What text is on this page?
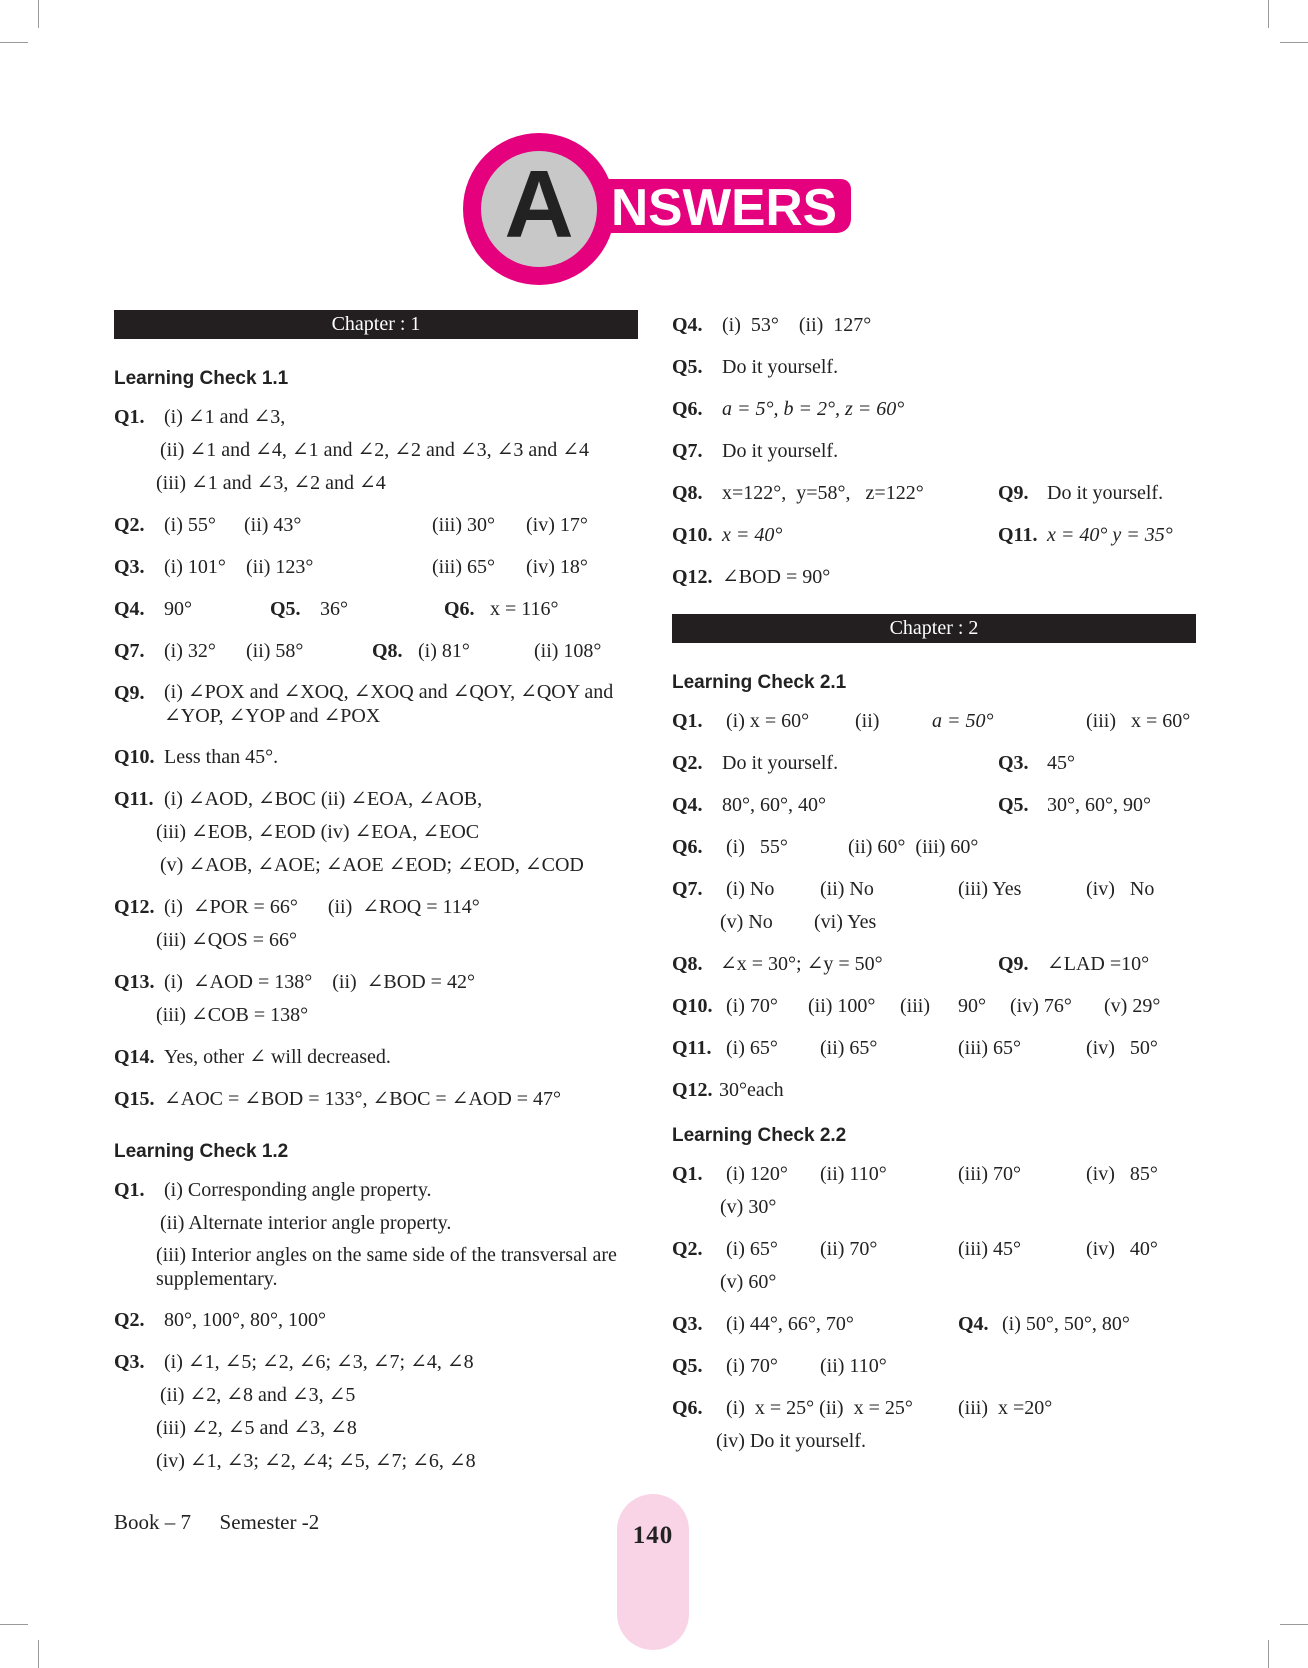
A NSWERS
Chapter : 1
Learning Check 1.1
Q1. (i) ∠1 and ∠3,
(ii) ∠1 and ∠4, ∠1 and ∠2, ∠2 and ∠3, ∠3 and ∠4
(iii) ∠1 and ∠3, ∠2 and ∠4
Q2. (i) 55° (ii) 43°	(iii) 30° (iv) 17°
Q3. (i) 101° (ii) 123°	(iii) 65° (iv) 18°
Q4. 90°	Q5. 36°	Q6. x = 116°
Q7. (i) 32° (ii) 58°	Q8. (i) 81°	(ii) 108°
Q9. (i) ∠POX and ∠XOQ, ∠XOQ and ∠QOY, ∠QOY and ∠YOP, ∠YOP and ∠POX
Q10. Less than 45°.
Q11. (i) ∠AOD, ∠BOC (ii) ∠EOA, ∠AOB,
(iii) ∠EOB, ∠EOD (iv) ∠EOA, ∠EOC
(v) ∠AOB, ∠AOE; ∠AOE ∠EOD; ∠EOD, ∠COD
Q12. (i)  ∠POR = 66°      (ii)  ∠ROQ = 114°
(iii) ∠QOS = 66°
Q13. (i)  ∠AOD = 138°    (ii)  ∠BOD = 42°
(iii) ∠COB = 138°
Q14. Yes, other ∠ will decreased.
Q15. ∠AOC = ∠BOD = 133°, ∠BOC = ∠AOD = 47°
Learning Check 1.2
Q1. (i) Corresponding angle property.
(ii) Alternate interior angle property.
(iii) Interior angles on the same side of the transversal are supplementary.
Q2. 80°, 100°, 80°, 100°
Q3. (i) ∠1, ∠5; ∠2, ∠6; ∠3, ∠7; ∠4, ∠8
(ii) ∠2, ∠8 and ∠3, ∠5
(iii) ∠2, ∠5 and ∠3, ∠8
(iv) ∠1, ∠3; ∠2, ∠4; ∠5, ∠7; ∠6, ∠8
Q4. (i)  53°    (ii)  127°
Q5. Do it yourself.
Q6. a = 5°, b = 2°, z = 60°
Q7. Do it yourself.
Q8. x=122°,  y=58°,   z=122°	Q9. Do it yourself.
Q10. x = 40°	Q11. x = 40° y = 35°
Q12. ∠BOD = 90°
Chapter : 2
Learning Check 2.1
Q1. (i) x = 60° (ii)	a = 50°	(iii)   x = 60°
Q2. Do it yourself.	Q3. 45°
Q4. 80°, 60°, 40°	Q5. 30°, 60°, 90°
Q6. (i)   55°	(ii) 60°  (iii) 60°
Q7. (i) No (ii) No	(iii) Yes	(iv)   No
(v) No (vi) Yes
Q8. ∠x = 30°; ∠y = 50°	Q9. ∠LAD =10°
Q10. (i) 70° (ii) 100° (iii) 90° (iv) 76° (v) 29°
Q11. (i) 65° (ii) 65°	(iii) 65°	(iv)   50°
Q12. 30°each
Learning Check 2.2
Q1. (i) 120° (ii) 110°	(iii) 70°	(iv)   85°
(v) 30°
Q2. (i) 65° (ii) 70°	(iii) 45°	(iv)   40°
(v) 60°
Q3. (i) 44°, 66°, 70°	Q4. (i) 50°, 50°, 80°
Q5. (i) 70° (ii) 110°
Q6. (i)  x = 25° (ii)  x = 25° (iii)  x =20°
(iv) Do it yourself.
Book – 7 Semester -2	140
